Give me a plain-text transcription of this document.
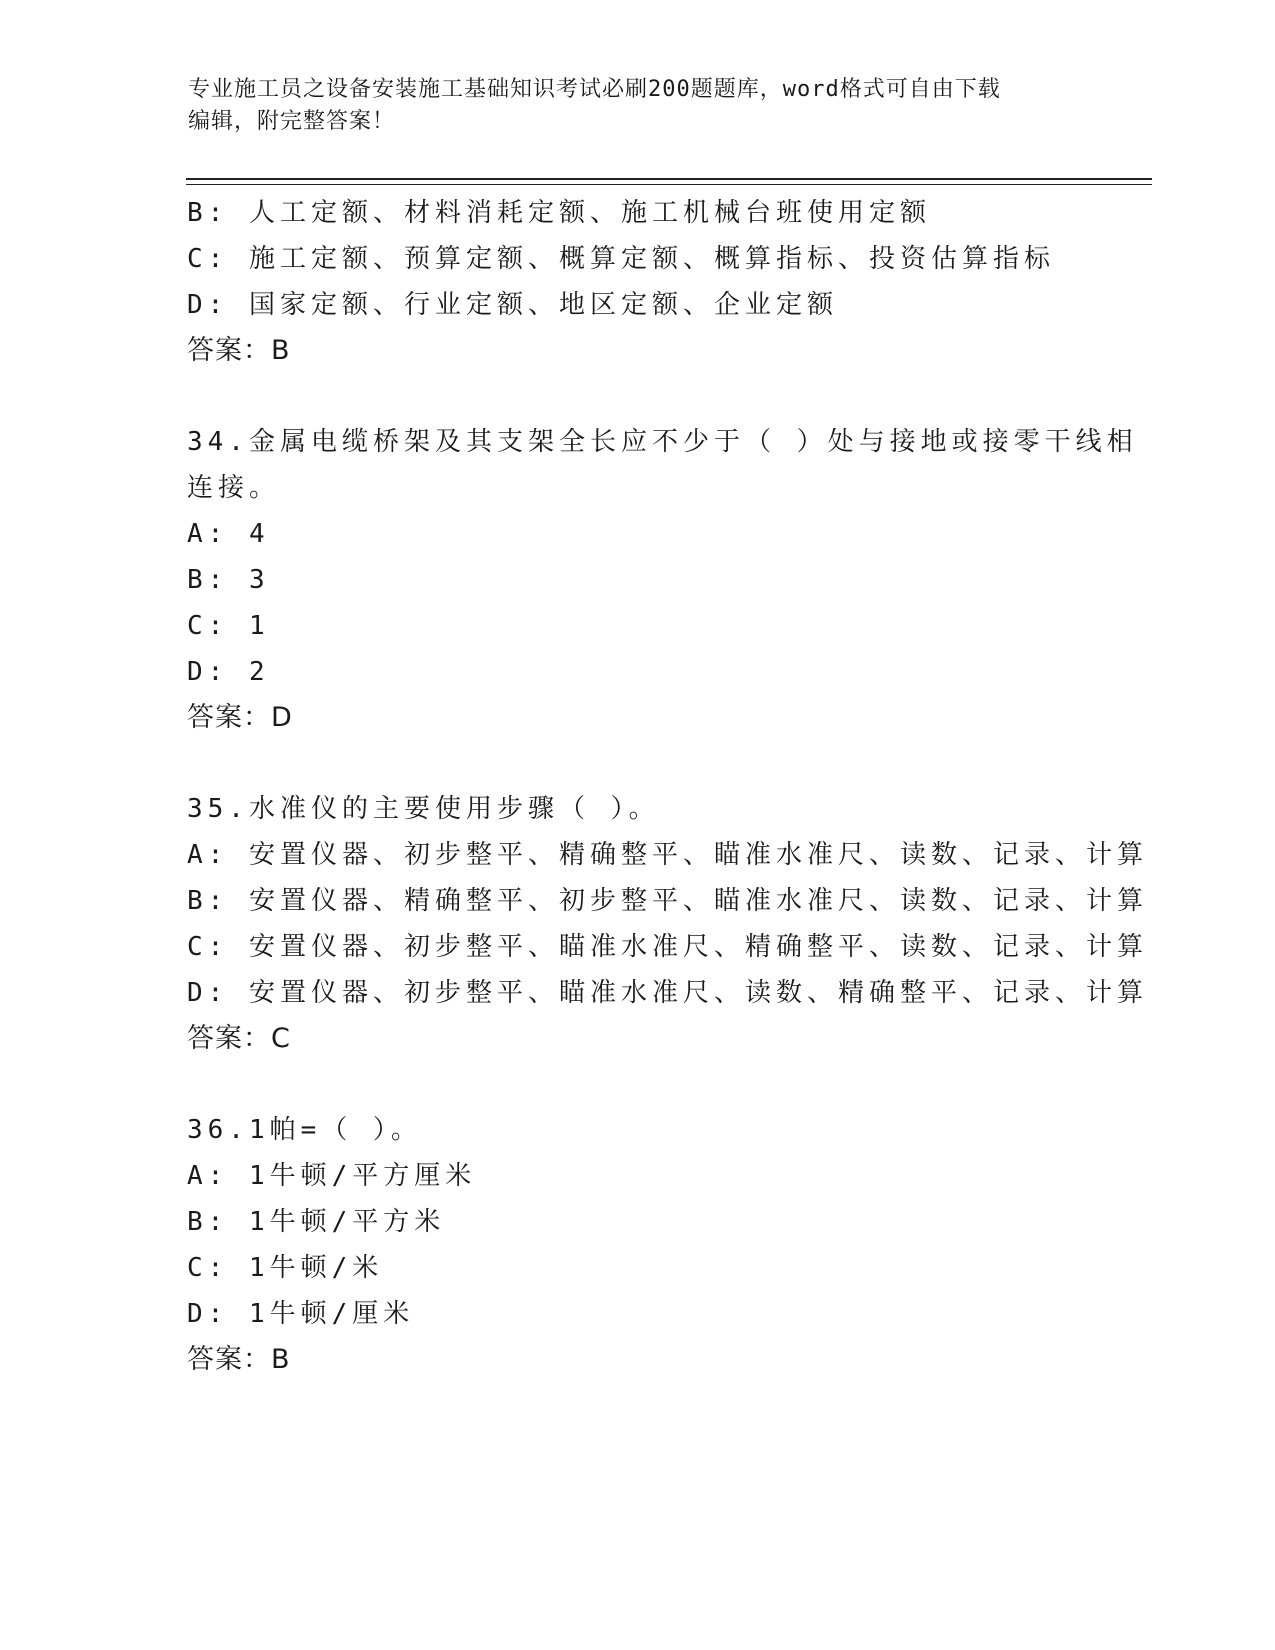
专业施工员之设备安装施工基础知识考试必刷200题题库，word格式可自由下载
编辑，附完整答案！
B: 人工定额、材料消耗定额、施工机械台班使用定额
C: 施工定额、预算定额、概算定额、概算指标、投资估算指标
D: 国家定额、行业定额、地区定额、企业定额
答案：B
34.金属电缆桥架及其支架全长应不少于（ ）处与接地或接零干线相
连接。
A: 4
B: 3
C: 1
D: 2
答案：D
35.水准仪的主要使用步骤（ ）。
A: 安置仪器、初步整平、精确整平、瞄准水准尺、读数、记录、计算
B: 安置仪器、精确整平、初步整平、瞄准水准尺、读数、记录、计算
C: 安置仪器、初步整平、瞄准水准尺、精确整平、读数、记录、计算
D: 安置仪器、初步整平、瞄准水准尺、读数、精确整平、记录、计算
答案：C
36.1帕=（ ）。
A: 1牛顿/平方厘米
B: 1牛顿/平方米
C: 1牛顿/米
D: 1牛顿/厘米
答案：B
